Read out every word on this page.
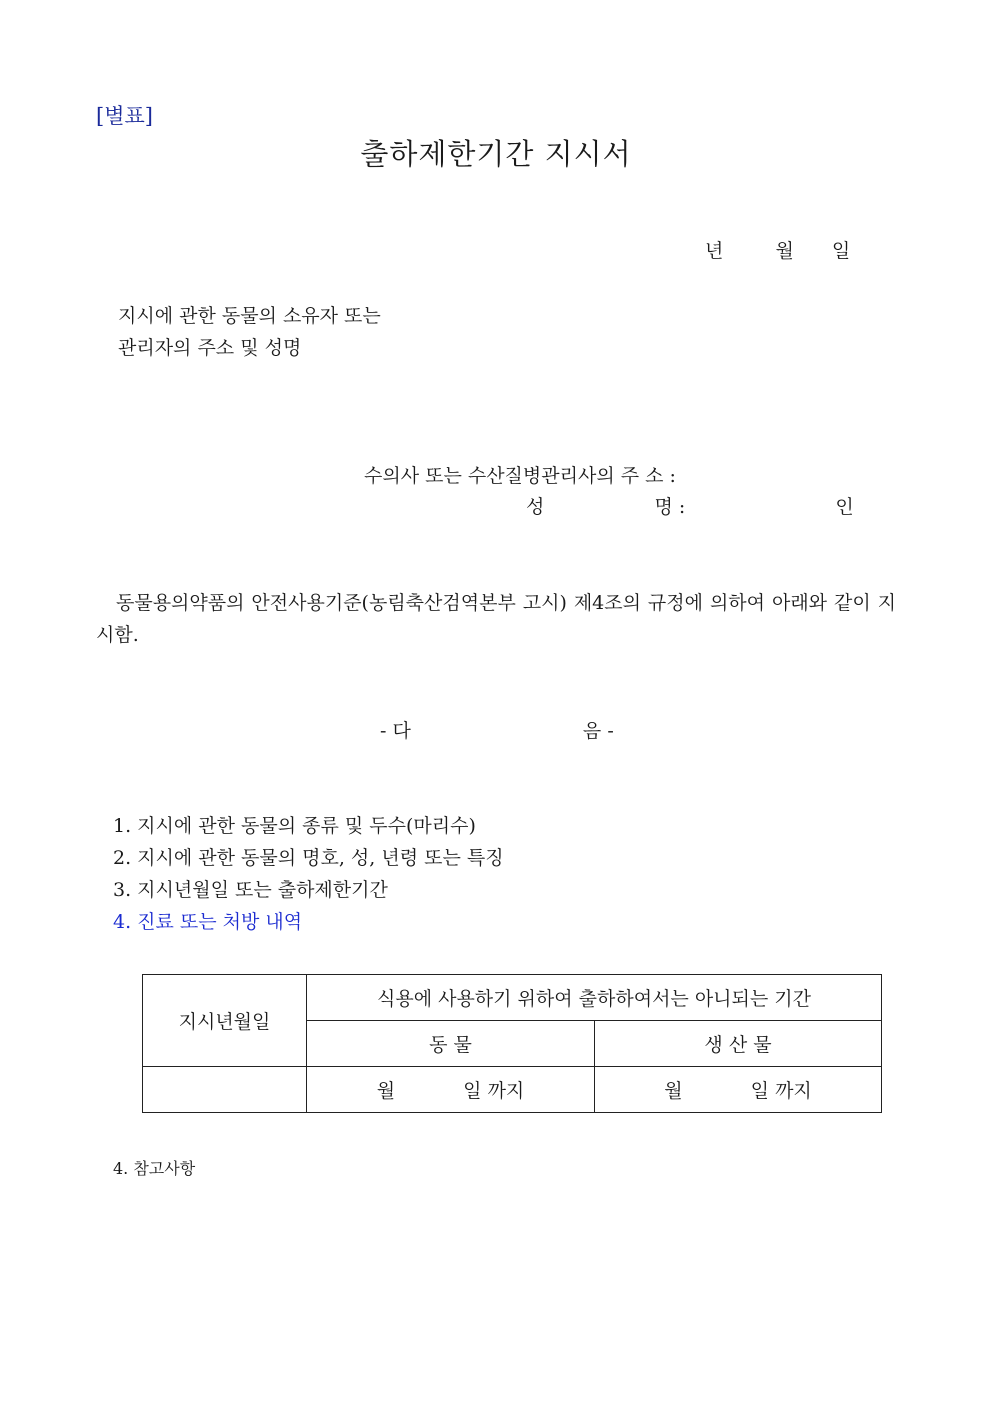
[별표]
출하제한기간 지시서
년	월 일
지시에 관한 동물의 소유자 또는
관리자의 주소 및 성명
수의사 또는 수산질병관리사의 주 소 :
성	명 :	인
동물용의약품의 안전사용기준(농림축산검역본부 고시) 제4조의 규정에 의하여 아래와 같이 지시함.
- 다	음 -
1. 지시에 관한 동물의 종류 및 두수(마리수)
2. 지시에 관한 동물의 명호, 성, 년령 또는 특징
3. 지시년월일 또는 출하제한기간
4. 진료 또는 처방 내역
지시년월일	식용에 사용하기 위하여 출하하여서는 아니되는 기간	
	동 물	생 산 물
	월 일 까지	월 일 까지
4. 참고사항
